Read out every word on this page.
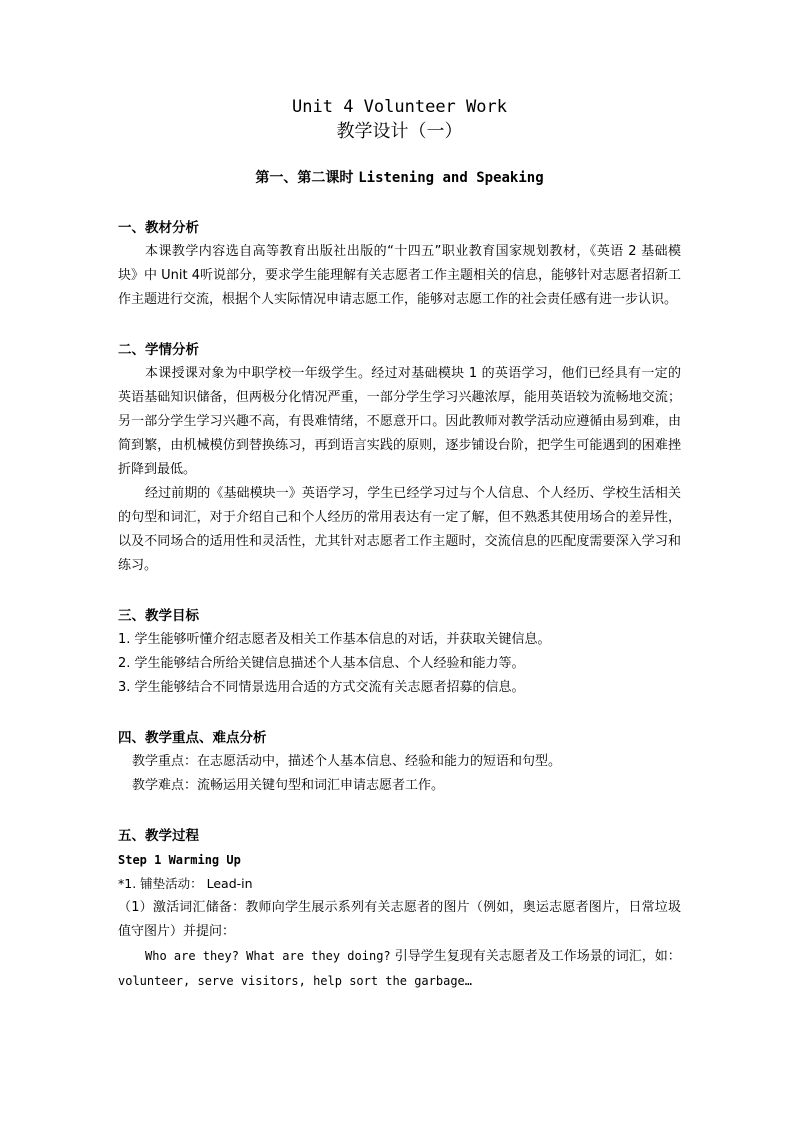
Unit 4 Volunteer Work
教学设计（一）
第一、第二课时 Listening and Speaking
一、教材分析

本课教学内容选自高等教育出版社出版的“十四五”职业教育国家规划教材，《英语 2 基础模块》中 Unit 4听说部分，要求学生能理解有关志愿者工作主题相关的信息，能够针对志愿者招新工作主题进行交流，根据个人实际情况申请志愿工作，能够对志愿工作的社会责任感有进一步认识。

二、学情分析

本课授课对象为中职学校一年级学生。经过对基础模块 1 的英语学习，他们已经具有一定的英语基础知识储备，但两极分化情况严重，一部分学生学习兴趣浓厚，能用英语较为流畅地交流；另一部分学生学习兴趣不高，有畏难情绪，不愿意开口。因此教师对教学活动应遵循由易到难，由简到繁，由机械模仿到替换练习，再到语言实践的原则，逐步铺设台阶，把学生可能遇到的困难挫折降到最低。

经过前期的《基础模块一》英语学习，学生已经学习过与个人信息、个人经历、学校生活相关的句型和词汇，对于介绍自己和个人经历的常用表达有一定了解，但不熟悉其使用场合的差异性，以及不同场合的适用性和灵活性，尤其针对志愿者工作主题时，交流信息的匹配度需要深入学习和练习。

三、教学目标

1. 学生能够听懂介绍志愿者及相关工作基本信息的对话，并获取关键信息。

2. 学生能够结合所给关键信息描述个人基本信息、个人经验和能力等。

3. 学生能够结合不同情景选用合适的方式交流有关志愿者招募的信息。

四、教学重点、难点分析

教学重点：在志愿活动中，描述个人基本信息、经验和能力的短语和句型。

教学难点：流畅运用关键句型和词汇申请志愿者工作。

五、教学过程
Step 1 Warming Up

*1. 铺垫活动： Lead-in

（1）激活词汇储备：教师向学生展示系列有关志愿者的图片（例如，奥运志愿者图片，日常垃圾值守图片）并提问：

Who are they? What are they doing? 引导学生复现有关志愿者及工作场景的词汇，如：

volunteer, serve visitors, help sort the garbage…
